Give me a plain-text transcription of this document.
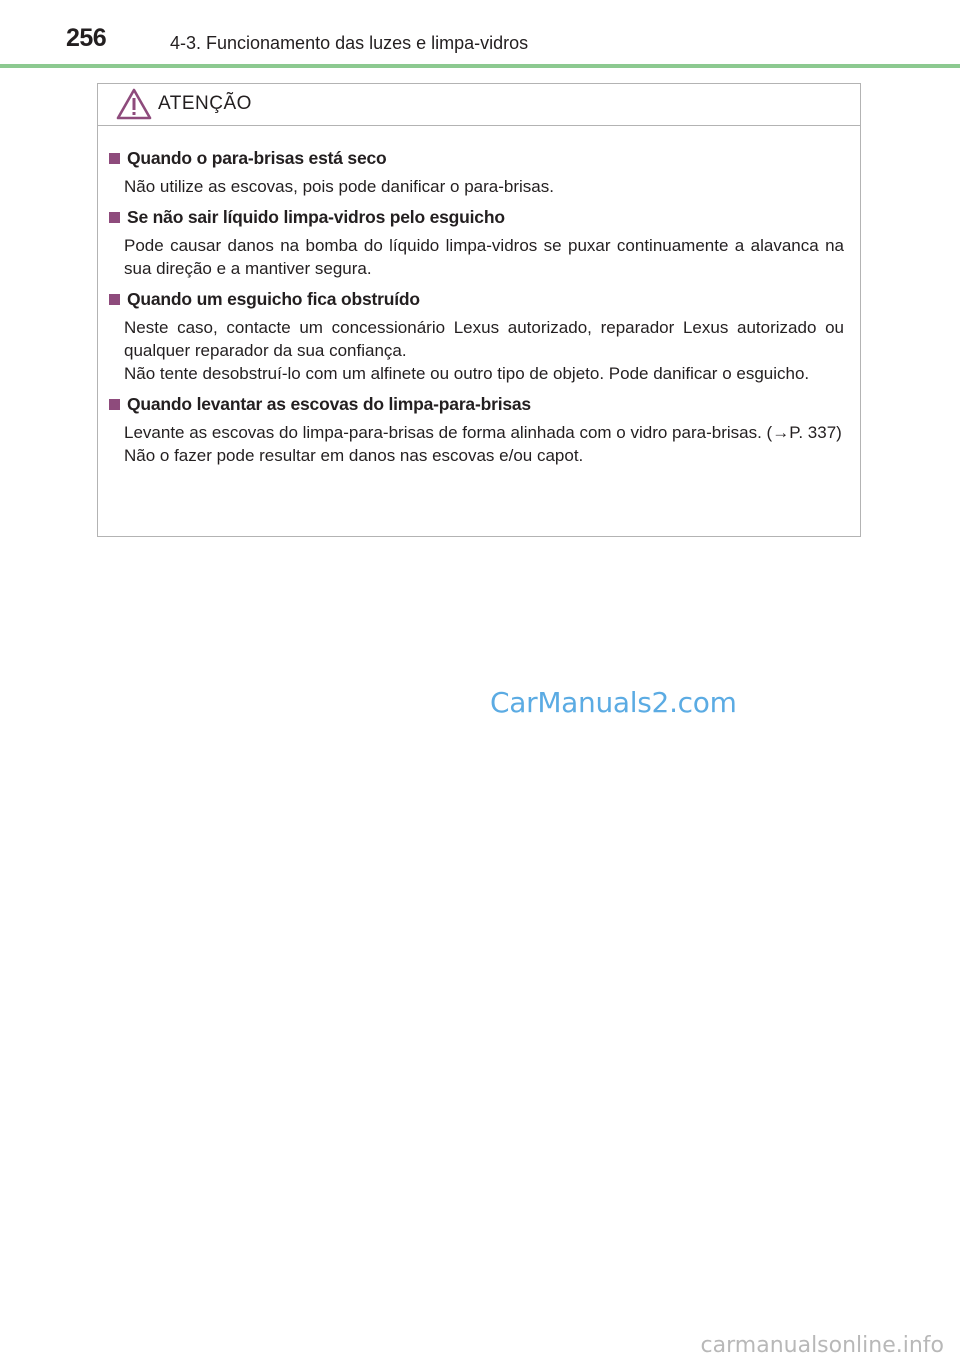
256	4-3. Funcionamento das luzes e limpa-vidros
ATENÇÃO
Quando o para-brisas está seco

Não utilize as escovas, pois pode danificar o para-brisas.

Se não sair líquido limpa-vidros pelo esguicho

Pode causar danos na bomba do líquido limpa-vidros se puxar continuamente a alavanca na sua direção e a mantiver segura.

Quando um esguicho fica obstruído

Neste caso, contacte um concessionário Lexus autorizado, reparador Lexus autorizado ou qualquer reparador da sua confiança.

Não tente desobstruí-lo com um alfinete ou outro tipo de objeto. Pode danificar o esguicho.

Quando levantar as escovas do limpa-para-brisas

Levante as escovas do limpa-para-brisas de forma alinhada com o vidro para-brisas. (→P. 337)

Não o fazer pode resultar em danos nas escovas e/ou capot.

CarManuals2.com
carmanualsonline.info
